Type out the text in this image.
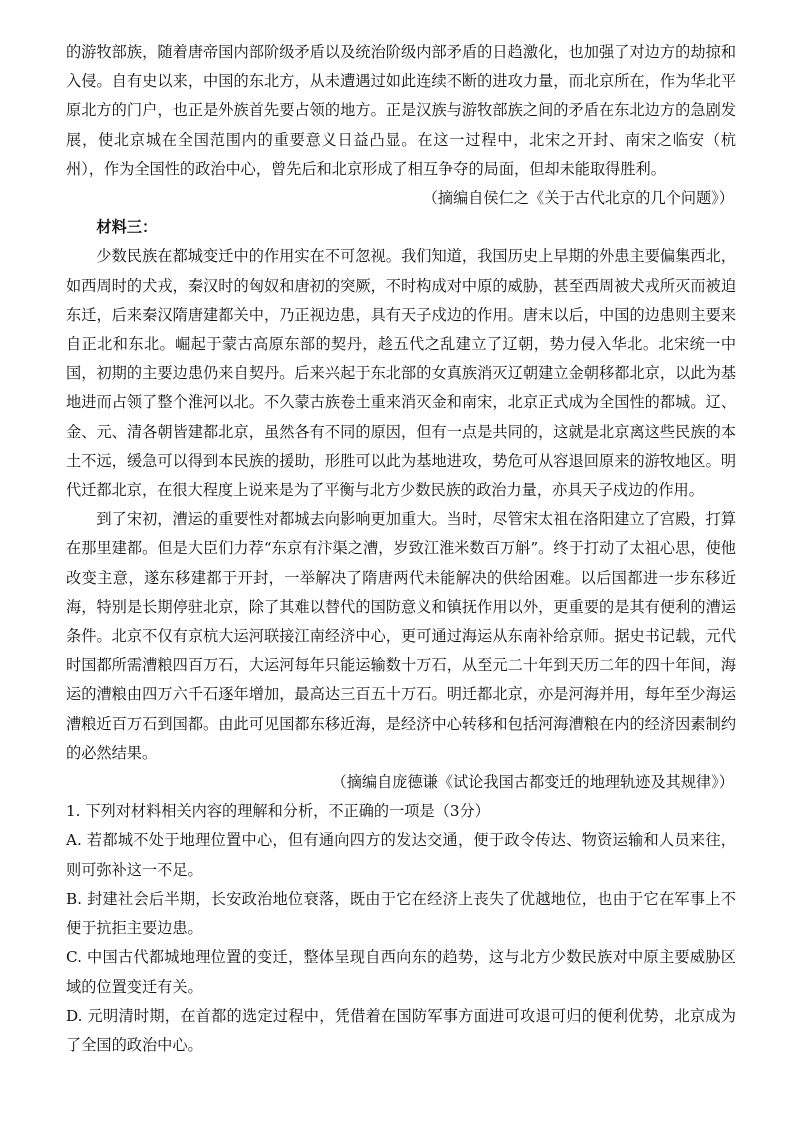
的游牧部族，随着唐帝国内部阶级矛盾以及统治阶级内部矛盾的日趋激化，也加强了对边方的劫掠和入侵。自有史以来，中国的东北方，从未遭遇过如此连续不断的进攻力量，而北京所在，作为华北平原北方的门户，也正是外族首先要占领的地方。正是汉族与游牧部族之间的矛盾在东北边方的急剧发展，使北京城在全国范围内的重要意义日益凸显。在这一过程中，北宋之开封、南宋之临安（杭州），作为全国性的政治中心，曾先后和北京形成了相互争夺的局面，但却未能取得胜利。

（摘编自侯仁之《关于古代北京的几个问题》）

材料三：

少数民族在都城变迁中的作用实在不可忽视。我们知道，我国历史上早期的外患主要偏集西北，如西周时的犬戎，秦汉时的匈奴和唐初的突厥，不时构成对中原的威胁，甚至西周被犬戎所灭而被迫东迁，后来秦汉隋唐建都关中，乃正视边患，具有天子戍边的作用。唐末以后，中国的边患则主要来自正北和东北。崛起于蒙古高原东部的契丹，趁五代之乱建立了辽朝，势力侵入华北。北宋统一中国，初期的主要边患仍来自契丹。后来兴起于东北部的女真族消灭辽朝建立金朝移都北京，以此为基地进而占领了整个淮河以北。不久蒙古族卷土重来消灭金和南宋，北京正式成为全国性的都城。辽、金、元、清各朝皆建都北京，虽然各有不同的原因，但有一点是共同的，这就是北京离这些民族的本土不远，缓急可以得到本民族的援助，形胜可以此为基地进攻，势危可从容退回原来的游牧地区。明代迁都北京，在很大程度上说来是为了平衡与北方少数民族的政治力量，亦具天子戍边的作用。

到了宋初，漕运的重要性对都城去向影响更加重大。当时，尽管宋太祖在洛阳建立了宫殿，打算在那里建都。但是大臣们力荐“东京有汴渠之漕，岁致江淮米数百万斛”。终于打动了太祖心思，使他改变主意，遂东移建都于开封，一举解决了隋唐两代未能解决的供给困难。以后国都进一步东移近海，特别是长期停驻北京，除了其难以替代的国防意义和镇抚作用以外，更重要的是其有便利的漕运条件。北京不仅有京杭大运河联接江南经济中心，更可通过海运从东南补给京师。据史书记载，元代时国都所需漕粮四百万石，大运河每年只能运输数十万石，从至元二十年到天历二年的四十年间，海运的漕粮由四万六千石逐年增加，最高达三百五十万石。明迁都北京，亦是河海并用，每年至少海运漕粮近百万石到国都。由此可见国都东移近海，是经济中心转移和包括河海漕粮在内的经济因素制约的必然结果。

（摘编自庞德谦《试论我国古都变迁的地理轨迹及其规律》）

1. 下列对材料相关内容的理解和分析，不正确的一项是（3分）

A. 若都城不处于地理位置中心，但有通向四方的发达交通，便于政令传达、物资运输和人员来往，则可弥补这一不足。

B. 封建社会后半期，长安政治地位衰落，既由于它在经济上丧失了优越地位，也由于它在军事上不便于抗拒主要边患。

C. 中国古代都城地理位置的变迁，整体呈现自西向东的趋势，这与北方少数民族对中原主要威胁区域的位置变迁有关。

D. 元明清时期，在首都的选定过程中，凭借着在国防军事方面进可攻退可归的便利优势，北京成为了全国的政治中心。
